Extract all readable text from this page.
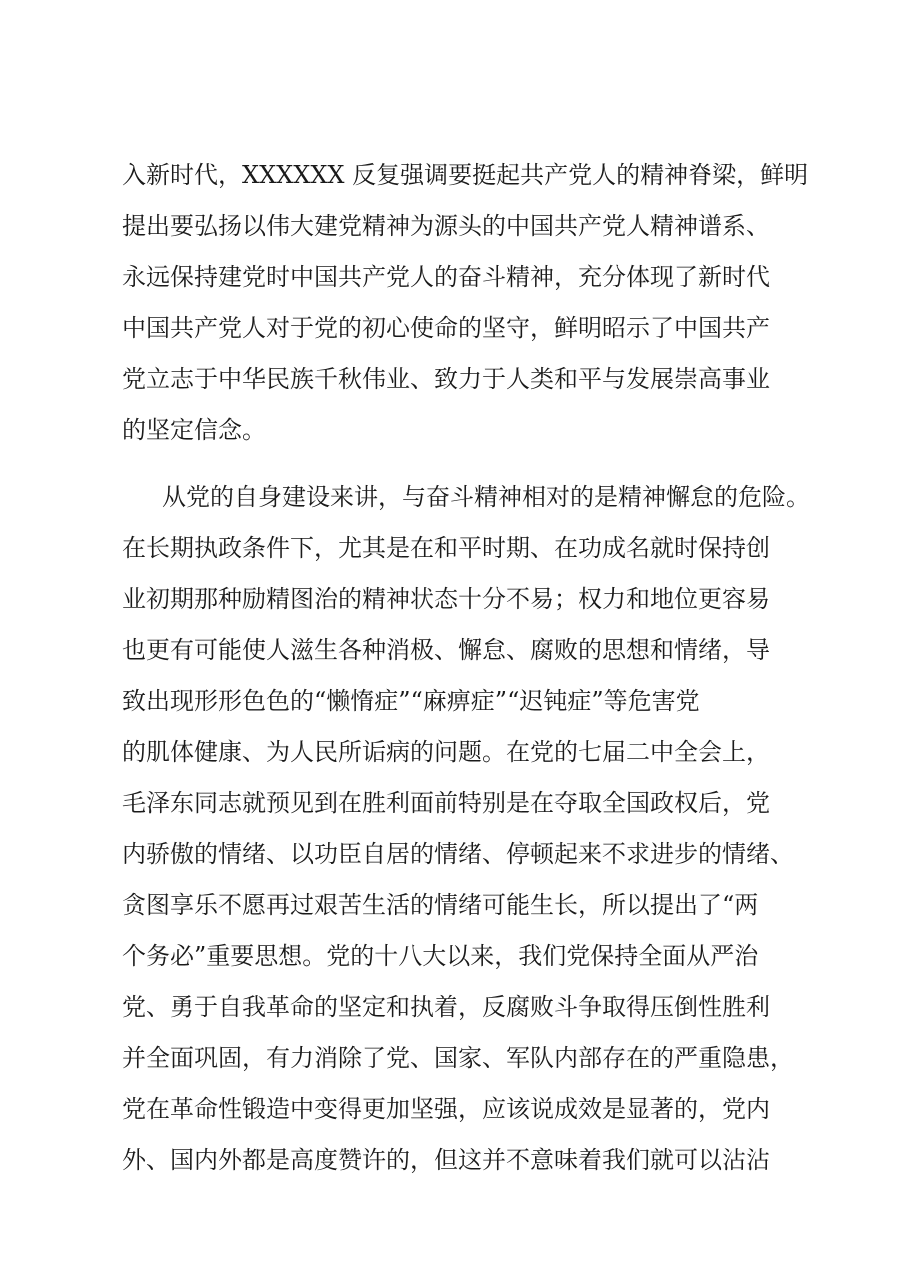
入新时代，XXXXXX 反复强调要挺起共产党人的精神脊梁，鲜明
提出要弘扬以伟大建党精神为源头的中国共产党人精神谱系、
永远保持建党时中国共产党人的奋斗精神，充分体现了新时代
中国共产党人对于党的初心使命的坚守，鲜明昭示了中国共产
党立志于中华民族千秋伟业、致力于人类和平与发展崇高事业
的坚定信念。
从党的自身建设来讲，与奋斗精神相对的是精神懈怠的危险。
在长期执政条件下，尤其是在和平时期、在功成名就时保持创
业初期那种励精图治的精神状态十分不易；权力和地位更容易
也更有可能使人滋生各种消极、懈怠、腐败的思想和情绪，导
致出现形形色色的“懒惰症”“麻痹症”“迟钝症”等危害党
的肌体健康、为人民所诟病的问题。在党的七届二中全会上，
毛泽东同志就预见到在胜利面前特别是在夺取全国政权后，党
内骄傲的情绪、以功臣自居的情绪、停顿起来不求进步的情绪、
贪图享乐不愿再过艰苦生活的情绪可能生长，所以提出了“两
个务必”重要思想。党的十八大以来，我们党保持全面从严治
党、勇于自我革命的坚定和执着，反腐败斗争取得压倒性胜利
并全面巩固，有力消除了党、国家、军队内部存在的严重隐患，
党在革命性锻造中变得更加坚强，应该说成效是显著的，党内
外、国内外都是高度赞许的，但这并不意味着我们就可以沾沾
